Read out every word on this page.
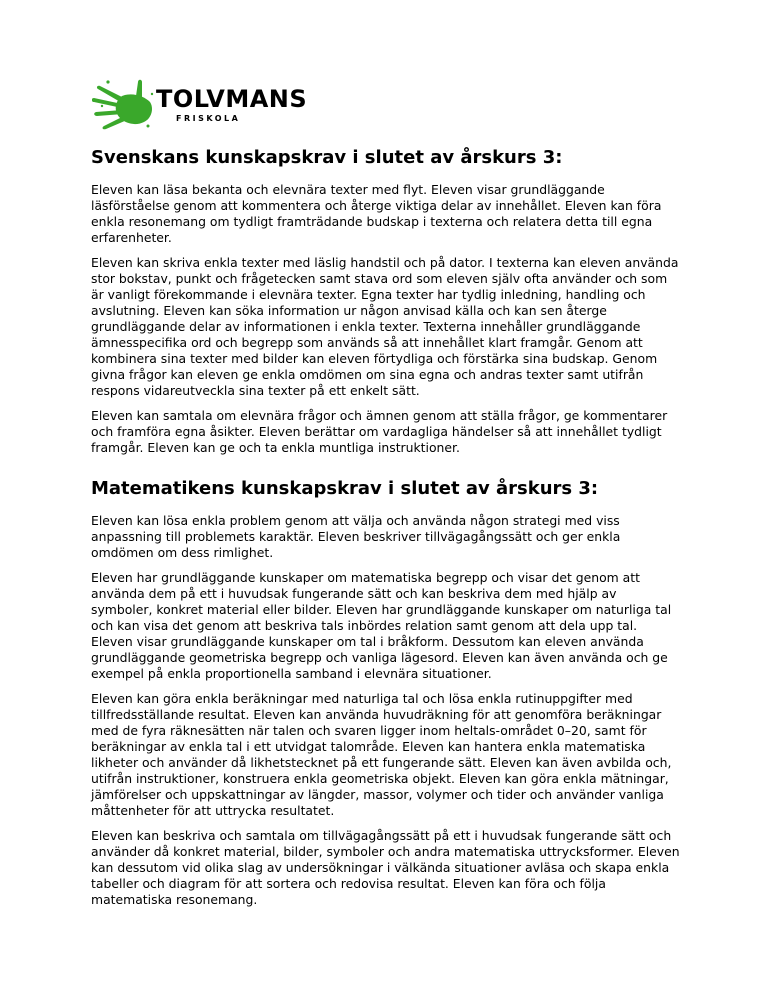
TOLVMANS
FRISKOLA
Svenskans kunskapskrav i slutet av årskurs 3:

Eleven kan läsa bekanta och elevnära texter med flyt. Eleven visar grundläggande läsförståelse genom att kommentera och återge viktiga delar av innehållet. Eleven kan föra enkla resonemang om tydligt framträdande budskap i texterna och relatera detta till egna erfarenheter.

Eleven kan skriva enkla texter med läslig handstil och på dator. I texterna kan eleven använda stor bokstav, punkt och frågetecken samt stava ord som eleven själv ofta använder och som är vanligt förekommande i elevnära texter. Egna texter har tydlig inledning, handling och avslutning. Eleven kan söka information ur någon anvisad källa och kan sen återge grundläggande delar av informationen i enkla texter. Texterna innehåller grundläggande ämnesspecifika ord och begrepp som används så att innehållet klart framgår. Genom att kombinera sina texter med bilder kan eleven förtydliga och förstärka sina budskap. Genom givna frågor kan eleven ge enkla omdömen om sina egna och andras texter samt utifrån respons vidareutveckla sina texter på ett enkelt sätt.

Eleven kan samtala om elevnära frågor och ämnen genom att ställa frågor, ge kommentarer och framföra egna åsikter. Eleven berättar om vardagliga händelser så att innehållet tydligt framgår. Eleven kan ge och ta enkla muntliga instruktioner.

Matematikens kunskapskrav i slutet av årskurs 3:

Eleven kan lösa enkla problem genom att välja och använda någon strategi med viss anpassning till problemets karaktär. Eleven beskriver tillvägagångssätt och ger enkla omdömen om dess rimlighet.

Eleven har grundläggande kunskaper om matematiska begrepp och visar det genom att använda dem på ett i huvudsak fungerande sätt och kan beskriva dem med hjälp av symboler, konkret material eller bilder. Eleven har grundläggande kunskaper om naturliga tal och kan visa det genom att beskriva tals inbördes relation samt genom att dela upp tal. Eleven visar grundläggande kunskaper om tal i bråkform. Dessutom kan eleven använda grundläggande geometriska begrepp och vanliga lägesord. Eleven kan även använda och ge exempel på enkla proportionella samband i elevnära situationer.

Eleven kan göra enkla beräkningar med naturliga tal och lösa enkla rutinuppgifter med tillfredsställande resultat. Eleven kan använda huvudräkning för att genomföra beräkningar med de fyra räknesätten när talen och svaren ligger inom heltals-området 0–20, samt för beräkningar av enkla tal i ett utvidgat talområde. Eleven kan hantera enkla matematiska likheter och använder då likhetstecknet på ett fungerande sätt. Eleven kan även avbilda och, utifrån instruktioner, konstruera enkla geometriska objekt. Eleven kan göra enkla mätningar, jämförelser och uppskattningar av längder, massor, volymer och tider och använder vanliga måttenheter för att uttrycka resultatet.

Eleven kan beskriva och samtala om tillvägagångssätt på ett i huvudsak fungerande sätt och använder då konkret material, bilder, symboler och andra matematiska uttrycksformer. Eleven kan dessutom vid olika slag av undersökningar i välkända situationer avläsa och skapa enkla tabeller och diagram för att sortera och redovisa resultat. Eleven kan föra och följa matematiska resonemang.
